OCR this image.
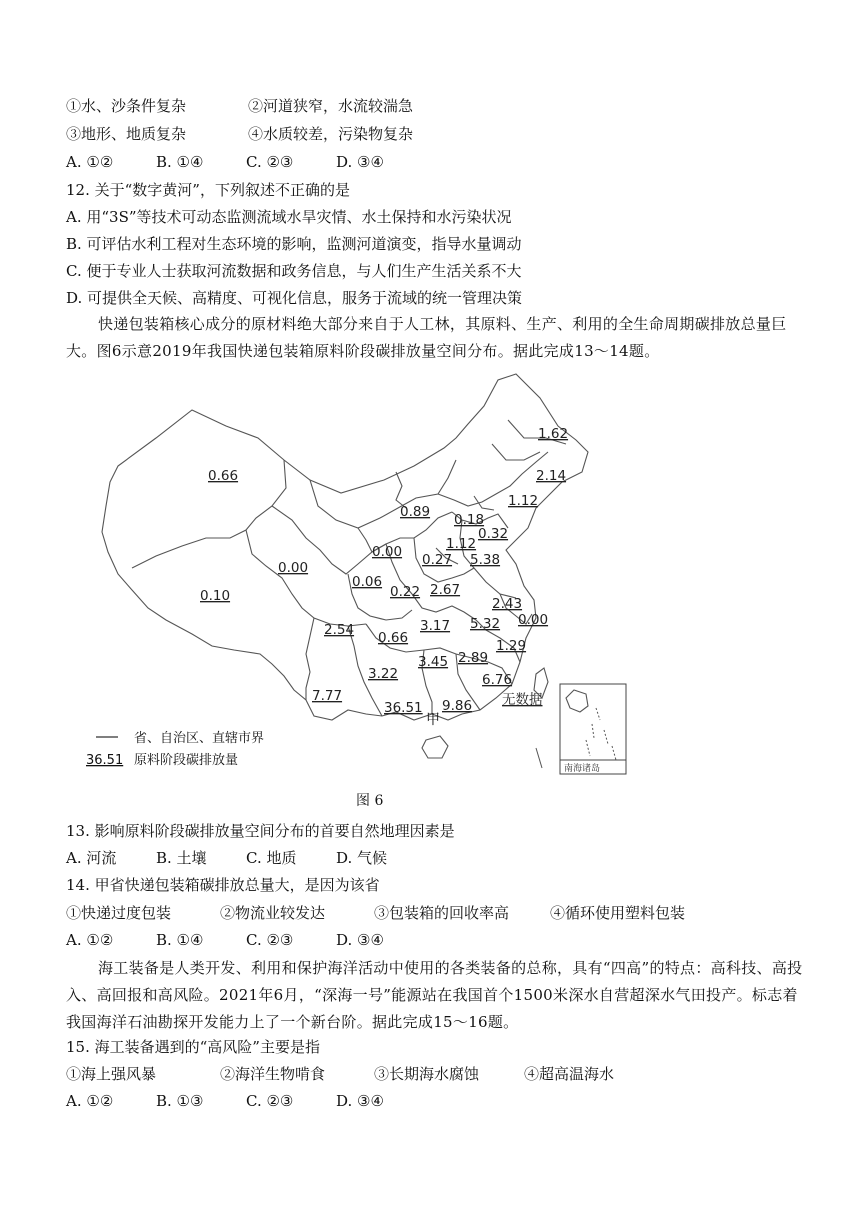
①水、沙条件复杂	②河道狭窄，水流较湍急
③地形、地质复杂	④水质较差，污染物复杂
A. ①②	B. ①④	C. ②③	D. ③④
12. 关于“数字黄河”，下列叙述不正确的是
A. 用“3S”等技术可动态监测流域水旱灾情、水土保持和水污染状况
B. 可评估水利工程对生态环境的影响，监测河道演变，指导水量调动
C. 便于专业人士获取河流数据和政务信息，与人们生产生活关系不大
D. 可提供全天候、高精度、可视化信息，服务于流域的统一管理决策
快递包装箱核心成分的原材料绝大部分来自于人工林，其原料、生产、利用的全生命周期碳排放总量巨大。图6示意2019年我国快递包装箱原料阶段碳排放量空间分布。据此完成13～14题。
1.62
2.14
1.12
0.66
0.89 0.18
0.32
1.12
5.38
0.00
0.00
0.06
0.27
0.10	0.22 2.67
2.43
0.00
2.54 0.66
3.17 5.32
1.29
3.45 2.89
3.22	6.76
7.77
36.51 9.86 无数据
甲
南海诸岛
省、自治区、直辖市界
36.51 原料阶段碳排放量
图 6
13. 影响原料阶段碳排放量空间分布的首要自然地理因素是
A. 河流	B. 土壤	C. 地质	D. 气候
14. 甲省快递包装箱碳排放总量大，是因为该省
①快递过度包装	②物流业较发达	③包装箱的回收率高	④循环使用塑料包装
A. ①②	B. ①④	C. ②③	D. ③④
海工装备是人类开发、利用和保护海洋活动中使用的各类装备的总称，具有“四高”的特点：高科技、高投入、高回报和高风险。2021年6月，“深海一号”能源站在我国首个1500米深水自营超深水气田投产。标志着我国海洋石油勘探开发能力上了一个新台阶。据此完成15～16题。
15. 海工装备遇到的“高风险”主要是指
①海上强风暴	②海洋生物啃食	③长期海水腐蚀	④超高温海水
A. ①②	B. ①③	C. ②③	D. ③④
